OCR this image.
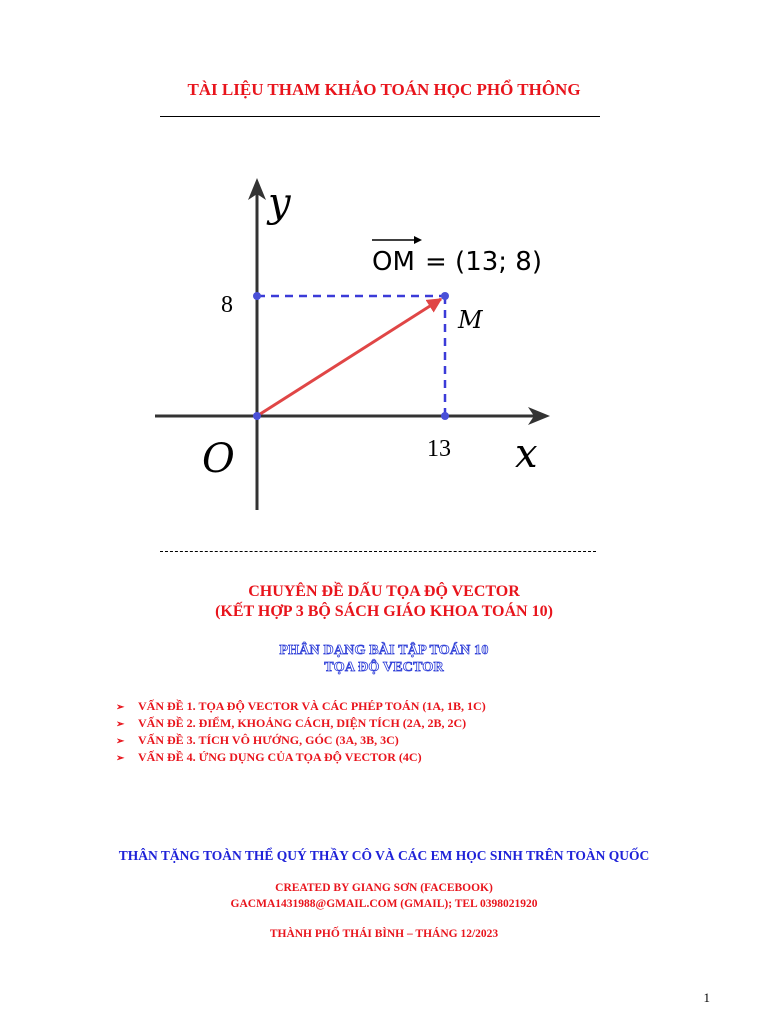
TÀI LIỆU THAM KHẢO TOÁN HỌC PHỔ THÔNG
y
x
O
M
8
13
OM = (13; 8)
CHUYÊN ĐỀ DẤU TỌA ĐỘ VECTOR
(KẾT HỢP 3 BỘ SÁCH GIÁO KHOA TOÁN 10)
PHÂN DẠNG BÀI TẬP TOÁN 10
TỌA ĐỘ VECTOR
➢ VẤN ĐỀ 1. TỌA ĐỘ VECTOR VÀ CÁC PHÉP TOÁN (1A, 1B, 1C)
➢ VẤN ĐỀ 2. ĐIỂM, KHOẢNG CÁCH, DIỆN TÍCH (2A, 2B, 2C)
➢ VẤN ĐỀ 3. TÍCH VÔ HƯỚNG, GÓC (3A, 3B, 3C)
➢ VẤN ĐỀ 4. ỨNG DỤNG CỦA TỌA ĐỘ VECTOR (4C)
THÂN TẶNG TOÀN THỂ QUÝ THẦY CÔ VÀ CÁC EM HỌC SINH TRÊN TOÀN QUỐC
CREATED BY GIANG SƠN (FACEBOOK)
GACMA1431988@GMAIL.COM (GMAIL); TEL 0398021920
THÀNH PHỐ THÁI BÌNH – THÁNG 12/2023
1
